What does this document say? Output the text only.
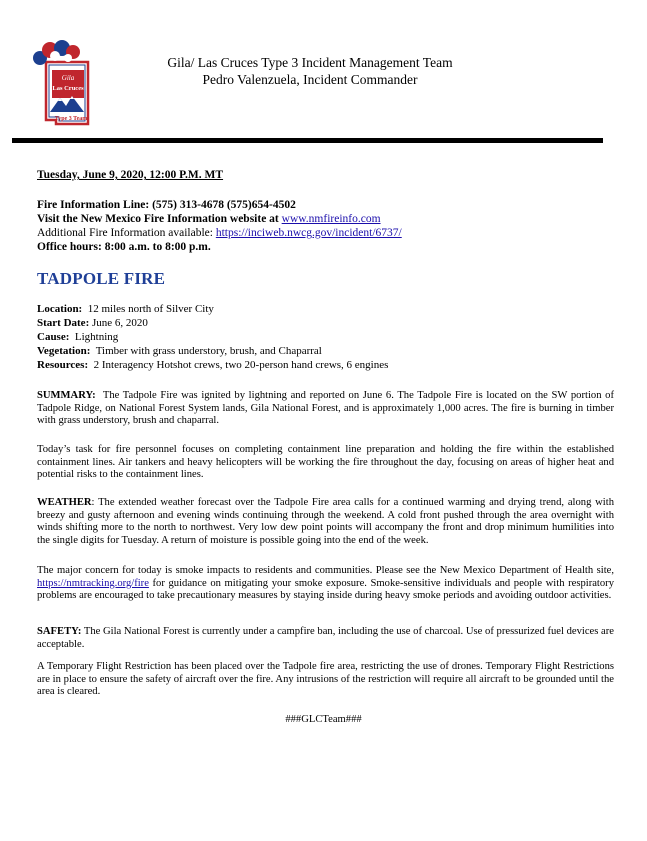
Gila
Las Cruces
Type 3 Team
Gila/ Las Cruces Type 3 Incident Management Team
Pedro Valenzuela, Incident Commander
Tuesday, June 9, 2020, 12:00 P.M. MT
Fire Information Line: (575) 313-4678 (575)654-4502
Visit the New Mexico Fire Information website at www.nmfireinfo.com
Additional Fire Information available: https://inciweb.nwcg.gov/incident/6737/
Office hours: 8:00 a.m. to 8:00 p.m.
TADPOLE FIRE
Location: 12 miles north of Silver City
Start Date: June 6, 2020
Cause: Lightning
Vegetation: Timber with grass understory, brush, and Chaparral
Resources: 2 Interagency Hotshot crews, two 20-person hand crews, 6 engines
SUMMARY: The Tadpole Fire was ignited by lightning and reported on June 6. The Tadpole Fire is located on the SW portion of Tadpole Ridge, on National Forest System lands, Gila National Forest, and is approximately 1,000 acres. The fire is burning in timber with grass understory, brush and chaparral.
Today’s task for fire personnel focuses on completing containment line preparation and holding the fire within the established containment lines. Air tankers and heavy helicopters will be working the fire throughout the day, focusing on areas of higher heat and potential risks to the containment lines.
WEATHER: The extended weather forecast over the Tadpole Fire area calls for a continued warming and drying trend, along with breezy and gusty afternoon and evening winds continuing through the weekend. A cold front pushed through the area overnight with winds shifting more to the north to northwest. Very low dew point points will accompany the front and drop minimum humilities into the single digits for Tuesday. A return of moisture is possible going into the end of the week.
The major concern for today is smoke impacts to residents and communities. Please see the New Mexico Department of Health site, https://nmtracking.org/fire for guidance on mitigating your smoke exposure. Smoke-sensitive individuals and people with respiratory problems are encouraged to take precautionary measures by staying inside during heavy smoke periods and avoiding outdoor activities.
SAFETY: The Gila National Forest is currently under a campfire ban, including the use of charcoal. Use of pressurized fuel devices are acceptable.
A Temporary Flight Restriction has been placed over the Tadpole fire area, restricting the use of drones. Temporary Flight Restrictions are in place to ensure the safety of aircraft over the fire. Any intrusions of the restriction will require all aircraft to be grounded until the area is cleared.
###GLCTeam###
